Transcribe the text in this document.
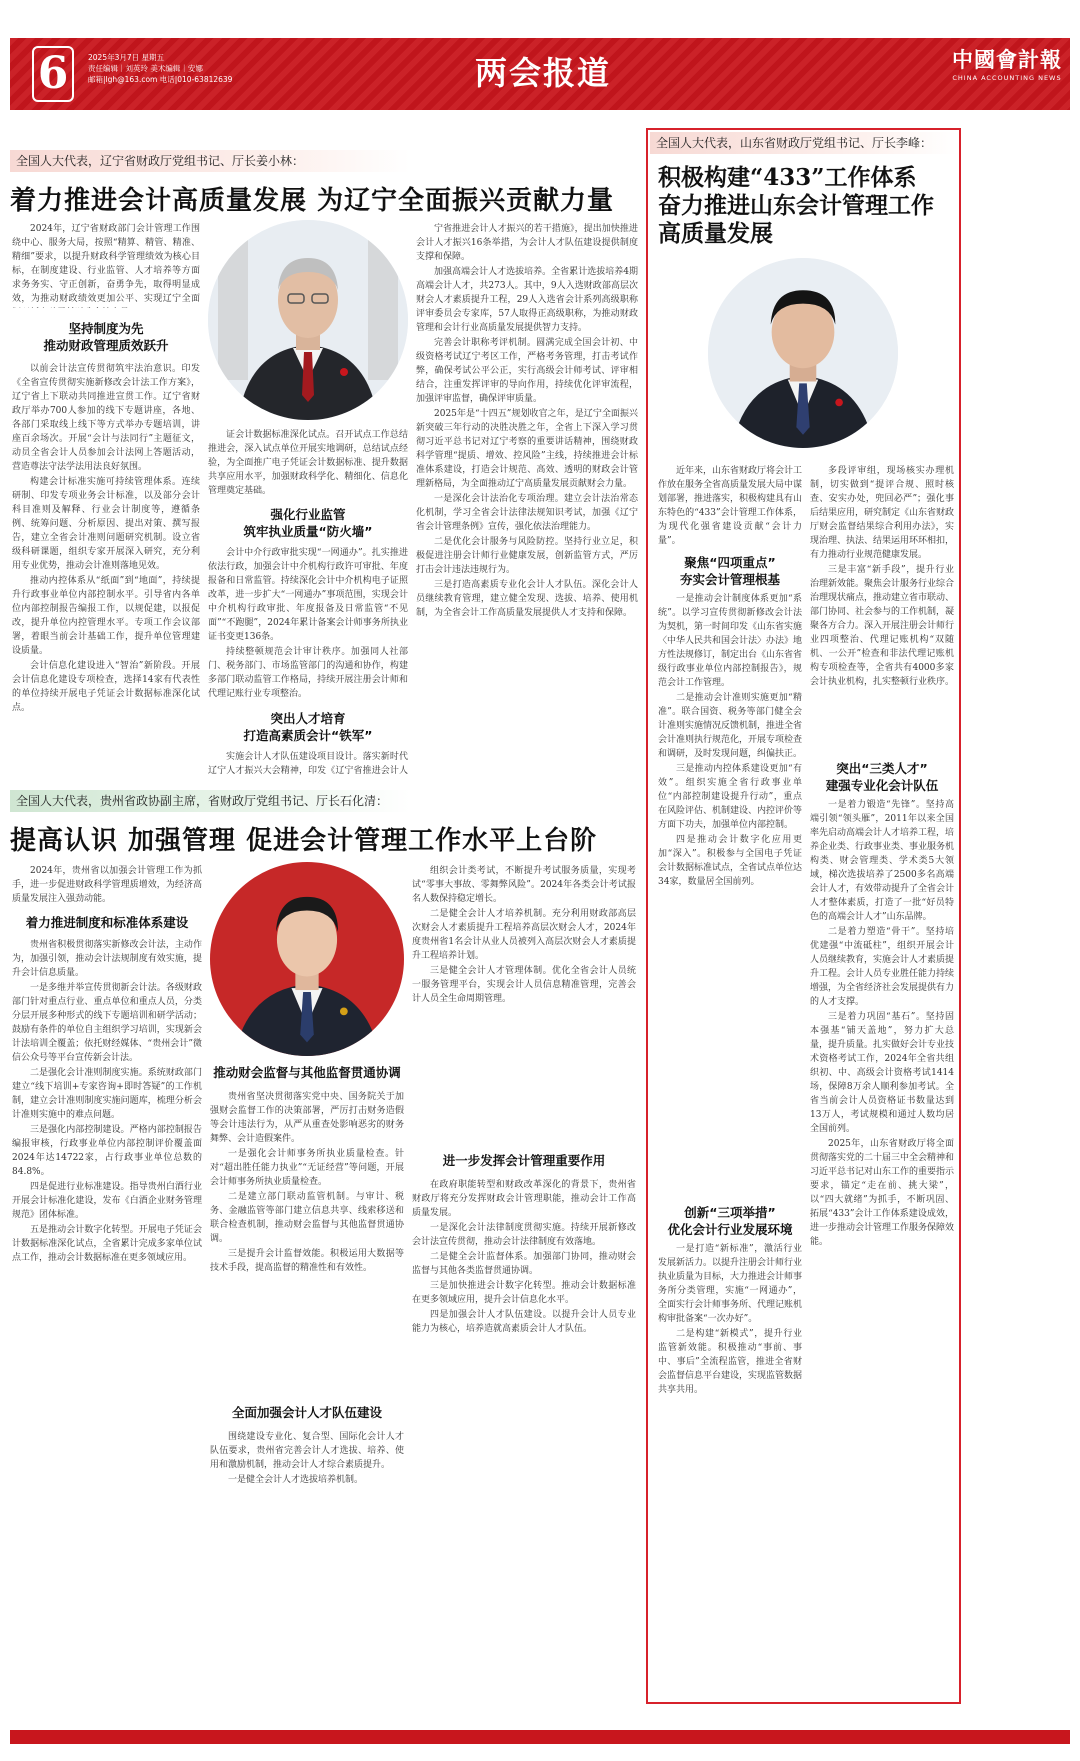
6	2025年3月7日 星期五
责任编辑｜刘英玲 美术编辑｜安娜
邮箱|lgh@163.com 电话|010-63812639	两会报道	中國會計報
CHINA ACCOUNTING NEWS
全国人大代表，辽宁省财政厅党组书记、厅长姜小林：
着力推进会计高质量发展 为辽宁全面振兴贡献力量

2024年，辽宁省财政部门会计管理工作围绕中心、服务大局，按照“精算、精管、精准、精细”要求，以提升财政科学管理绩效为核心目标，在制度建设、行业监管、人才培养等方面求务务实、守正创新，奋勇争先，取得明显成效，为推动财政绩效更加公平、实现辽宁全面

坚持制度为先
推动财政管理质效跃升

以前会计法宣传贯彻筑牢法治意识。印发《全省宣传贯彻实施新修改会计法工作方案》，辽宁省上下联动共同推进宣贯工作。辽宁省财政厅举办700人参加的线下专题讲座，各地、各部门采取线上线下等方式举办专题培训，讲座百余场次。开展“会计与法同行”主题征文，动员全省会计人员参加会计法网上答题活动，营造尊法守法学法用法良好氛围。

构建会计标准实施可持续管理体系。连续研制、印发专项业务会计标准，以及部分会计科目准则及解释、行业会计制度等，遵循条例、统筹问题、分析原因、提出对策、撰写报告，建立全省会计准则问题研究机制。设立省级科研课题，组织专家开展深入研究，充分利用专业优势，推动会计准则落地见效。

推动内控体系从“纸面”到“地面”，持续提升行政事业单位内部控制水平。引导省内各单位内部控制报告编报工作，以规促建，以报促改，提升单位内控管理水平。专项工作会议部署，着眼当前会计基础工作，提升单位管理建设质量。

会计信息化建设进入“智治”新阶段。开展会计信息化建设专项检查，选择14家有代表性的单位持续开展电子凭证会计数据标准深化试点。

证会计数据标准深化试点。召开试点工作总结推进会，深入试点单位开展实地调研，总结试点经验，为全面推广电子凭证会计数据标准、提升数据共享应用水平，加强财政科学化、精细化、信息化管理奠定基础。

强化行业监管
筑牢执业质量“防火墙”

会计中介行政审批实现“一网通办”。扎实推进依法行政，加强会计中介机构行政许可审批、年度报备和日常监管。持续深化会计中介机构电子证照改革，进一步扩大“一网通办”事项范围，实现会计中介机构行政审批、年度报备及日常监管“不见面”“不跑腿”，2024年累计备案会计师事务所执业证书变更136条。

持续整顿规范会计审计秩序。加强同人社部门、税务部门、市场监管部门的沟通和协作，构建多部门联动监管工作格局，持续开展注册会计师和代理记账行业专项整治。

突出人才培育
打造高素质会计“铁军”

实施会计人才队伍建设项目设计。落实新时代辽宁人才振兴大会精神，印发《辽宁省推进会计人

宁省推进会计人才振兴的若干措施》，提出加快推进会计人才振兴16条举措，为会计人才队伍建设提供制度支撑和保障。

加强高端会计人才选拔培养。全省累计选拔培养4期高端会计人才，共273人。其中，9人入选财政部高层次财会人才素质提升工程，29人入选省会计系列高级职称评审委员会专家库，57人取得正高级职称，为推动财政管理和会计行业高质量发展提供智力支持。

完善会计职称考评机制。圆满完成全国会计初、中级资格考试辽宁考区工作，严格考务管理，打击考试作弊，确保考试公平公正，实行高级会计师考试、评审相结合，注重发挥评审的导向作用，持续优化评审流程，加强评审监督，确保评审质量。

2025年是“十四五”规划收官之年，是辽宁全面振兴新突破三年行动的决胜决胜之年，全省上下深入学习贯彻习近平总书记对辽宁考察的重要讲话精神，围绕财政科学管理“提质、增效、控风险”主线，持续推进会计标准体系建设，打造会计规范、高效、透明的财政会计管理新格局，为全面推动辽宁高质量发展贡献财会力量。

一是深化会计法治化专项治理。建立会计法治常态化机制，学习全省会计法律法规知识考试，加强《辽宁省会计管理条例》宣传，强化依法治理能力。

二是优化会计服务与风险防控。坚持行业立足，积极促进注册会计师行业健康发展，创新监管方式，严厉打击会计违法违规行为。

三是打造高素质专业化会计人才队伍。深化会计人员继续教育管理，建立健全发现、选拔、培养、使用机制，为全省会计工作高质量发展提供人才支持和保障。

全国人大代表，贵州省政协副主席，省财政厅党组书记、厅长石化清：
提高认识 加强管理 促进会计管理工作水平上台阶

2024年，贵州省以加强会计管理工作为抓手，进一步促进财政科学管理质增效，为经济高质量发展注入强劲动能。

着力推进制度和标准体系建设

贵州省积极贯彻落实新修改会计法，主动作为，加强引领，推动会计法规制度有效实施，提升会计信息质量。

一是多维并举宣传贯彻新会计法。各级财政部门针对重点行业、重点单位和重点人员，分类分层开展多种形式的线下专题培训和研学活动；鼓励有条件的单位自主组织学习培训，实现新会计法培训全覆盖；依托财经媒体、“贵州会计”微信公众号等平台宣传新会计法。

二是强化会计准则制度实施。系统财政部门建立“线下培训+专家咨询+即时答疑”的工作机制，建立会计准则制度实施问题库，梳理分析会计准则实施中的难点问题。

三是强化内部控制建设。严格内部控制报告编报审核，行政事业单位内部控制评价覆盖面2024年达14722家，占行政事业单位总数的84.8%。

四是促进行业标准建设。指导贵州白酒行业开展会计标准化建设，发布《白酒企业财务管理规范》团体标准。

五是推动会计数字化转型。开展电子凭证会计数据标准深化试点，全省累计完成多家单位试点工作，推动会计数据标准在更多领域应用。

推动财会监督与其他监督贯通协调

贵州省坚决贯彻落实党中央、国务院关于加强财会监督工作的决策部署，严厉打击财务造假等会计违法行为，从严从重查处影响恶劣的财务舞弊、会计造假案件。

一是强化会计师事务所执业质量检查。针对“超出胜任能力执业”“无证经营”等问题，开展会计师事务所执业质量检查。

二是建立部门联动监管机制。与审计、税务、金融监管等部门建立信息共享、线索移送和联合检查机制，推动财会监督与其他监督贯通协调。

三是提升会计监督效能。积极运用大数据等技术手段，提高监督的精准性和有效性。

全面加强会计人才队伍建设

围绕建设专业化、复合型、国际化会计人才队伍要求，贵州省完善会计人才选拔、培养、使用和激励机制，推动会计人才综合素质提升。

一是健全会计人才选拔培养机制。

组织会计类考试，不断提升考试服务质量，实现考试“零事大事故、零舞弊风险”。2024年各类会计考试报名人数保持稳定增长。

二是健全会计人才培养机制。充分利用财政部高层次财会人才素质提升工程培养高层次财会人才，2024年度贵州省1名会计从业人员被列入高层次财会人才素质提升工程培养计划。

三是健全会计人才管理体制。优化全省会计人员统一服务管理平台，实现会计人员信息精准管理，完善会计人员全生命周期管理。

进一步发挥会计管理重要作用

在政府职能转型和财政改革深化的背景下，贵州省财政厅将充分发挥财政会计管理职能，推动会计工作高质量发展。

一是深化会计法律制度贯彻实施。持续开展新修改会计法宣传贯彻，推动会计法律制度有效落地。

二是健全会计监督体系。加强部门协同，推动财会监督与其他各类监督贯通协调。

三是加快推进会计数字化转型。推动会计数据标准在更多领域应用，提升会计信息化水平。

四是加强会计人才队伍建设。以提升会计人员专业能力为核心，培养造就高素质会计人才队伍。

全国人大代表，山东省财政厅党组书记、厅长李峰：
积极构建“433”工作体系
奋力推进山东会计管理工作
高质量发展

近年来，山东省财政厅将会计工作放在服务全省高质量发展大局中谋划部署，推进落实，积极构建具有山东特色的“433”会计管理工作体系，为现代化强省建设贡献“会计力量”。

聚焦“四项重点”
夯实会计管理根基

一是推动会计制度体系更加“系统”。以学习宣传贯彻新修改会计法为契机，第一时间印发《山东省实施〈中华人民共和国会计法〉办法》地方性法规修订，制定出台《山东省省级行政事业单位内部控制报告》，规范会计工作管理。

二是推动会计准则实施更加“精准”。联合国资、税务等部门健全会计准则实施情况反馈机制，推进全省会计准则执行规范化，开展专项检查和调研，及时发现问题，纠偏扶正。

三是推动内控体系建设更加“有效”。组织实施全省行政事业单位“内部控制建设提升行动”，重点在风险评估、机制建设、内控评价等方面下功夫，加强单位内部控制。

四是推动会计数字化应用更加“深入”。积极参与全国电子凭证会计数据标准试点，全省试点单位达34家，数量居全国前列。

创新“三项举措”
优化会计行业发展环境

一是打造“新标准”，激活行业发展新活力。以提升注册会计师行业执业质量为目标，大力推进会计师事务所分类管理，实施“一网通办”，全面实行会计师事务所、代理记账机构审批备案“一次办好”。

二是构建“新模式”，提升行业监管新效能。积极推动“事前、事中、事后”全流程监管，推进全省财会监督信息平台建设，实现监管数据共享共用。

多段评审组，现场核实办理机制，切实做到“提评合规、照时核查、安实办处，兜回必严”；强化事后结果应用，研究制定《山东省财政厅财会监督结果综合利用办法》，实现治理、执法、结果运用环环相扣，有力推动行业规范健康发展。

三是丰富“新手段”，提升行业治理新效能。聚焦会计服务行业综合治理现状痛点，推动建立省市联动、部门协同、社会参与的工作机制，凝聚各方合力。深入开展注册会计师行业四项整治、代理记账机构“双随机、一公开”检查和非法代理记账机构专项检查等，全省共有4000多家会计执业机构，扎实整顿行业秩序。

突出“三类人才”
建强专业化会计队伍

一是着力锻造“先锋”。坚持高端引领“领头雁”，2011年以来全国率先启动高端会计人才培养工程，培养企业类、行政事业类、事业服务机构类、财会管理类、学术类5大领域，梯次选拔培养了2500多名高端会计人才，有效带动提升了全省会计人才整体素质，打造了一批“好员特色的高端会计人才”山东品牌。

二是着力塑造“骨干”。坚持培优建强“中流砥柱”，组织开展会计人员继续教育，实施会计人才素质提升工程。会计人员专业胜任能力持续增强，为全省经济社会发展提供有力的人才支撑。

三是着力巩固“基石”。坚持固本强基“铺天盖地”，努力扩大总量，提升质量。扎实做好会计专业技术资格考试工作，2024年全省共组织初、中、高级会计资格考试1414场，保障8万余人顺利参加考试。全省当前会计人员资格证书数量达到13万人，考试规模和通过人数均居全国前列。

2025年，山东省财政厅将全面贯彻落实党的二十届三中全会精神和习近平总书记对山东工作的重要指示要求，锚定“走在前、挑大梁”，以“四大就绪”为抓手，不断巩固、拓展“433”会计工作体系建设成效，进一步推动会计管理工作服务保障效能。
